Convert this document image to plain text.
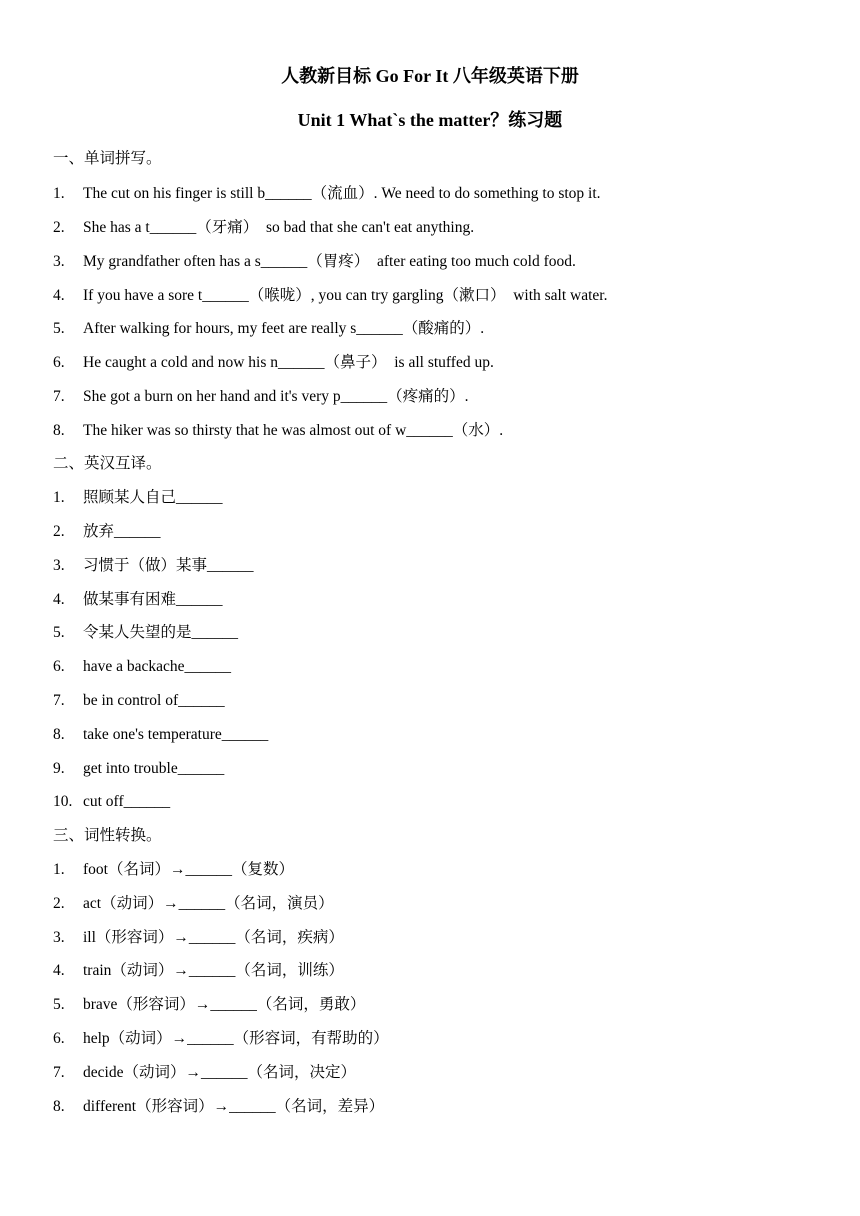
人教新目标 Go For It 八年级英语下册
Unit 1 What`s the matter？练习题
一、单词拼写。
1. The cut on his finger is still b______（流血）. We need to do something to stop it.
2. She has a t______（牙痛）  so bad that she can't eat anything.
3. My grandfather often has a s______（胃疼）  after eating too much cold food.
4. If you have a sore t______（喉咙）, you can try gargling（漱口）  with salt water.
5. After walking for hours, my feet are really s______（酸痛的）.
6. He caught a cold and now his n______（鼻子）  is all stuffed up.
7. She got a burn on her hand and it's very p______（疼痛的）.
8. The hiker was so thirsty that he was almost out of w______（水）.
二、英汉互译。
1. 照顾某人自己______
2. 放弃______
3. 习惯于（做）某事______
4. 做某事有困难______
5. 令某人失望的是______
6. have a backache______
7. be in control of______
8. take one's temperature______
9. get into trouble______
10. cut off______
三、词性转换。
1. foot（名词）→______（复数）
2. act（动词）→______（名词，演员）
3. ill（形容词）→______（名词，疾病）
4. train（动词）→______（名词，训练）
5. brave（形容词）→______（名词，勇敢）
6. help（动词）→______（形容词，有帮助的）
7. decide（动词）→______（名词，决定）
8. different（形容词）→______（名词，差异）
